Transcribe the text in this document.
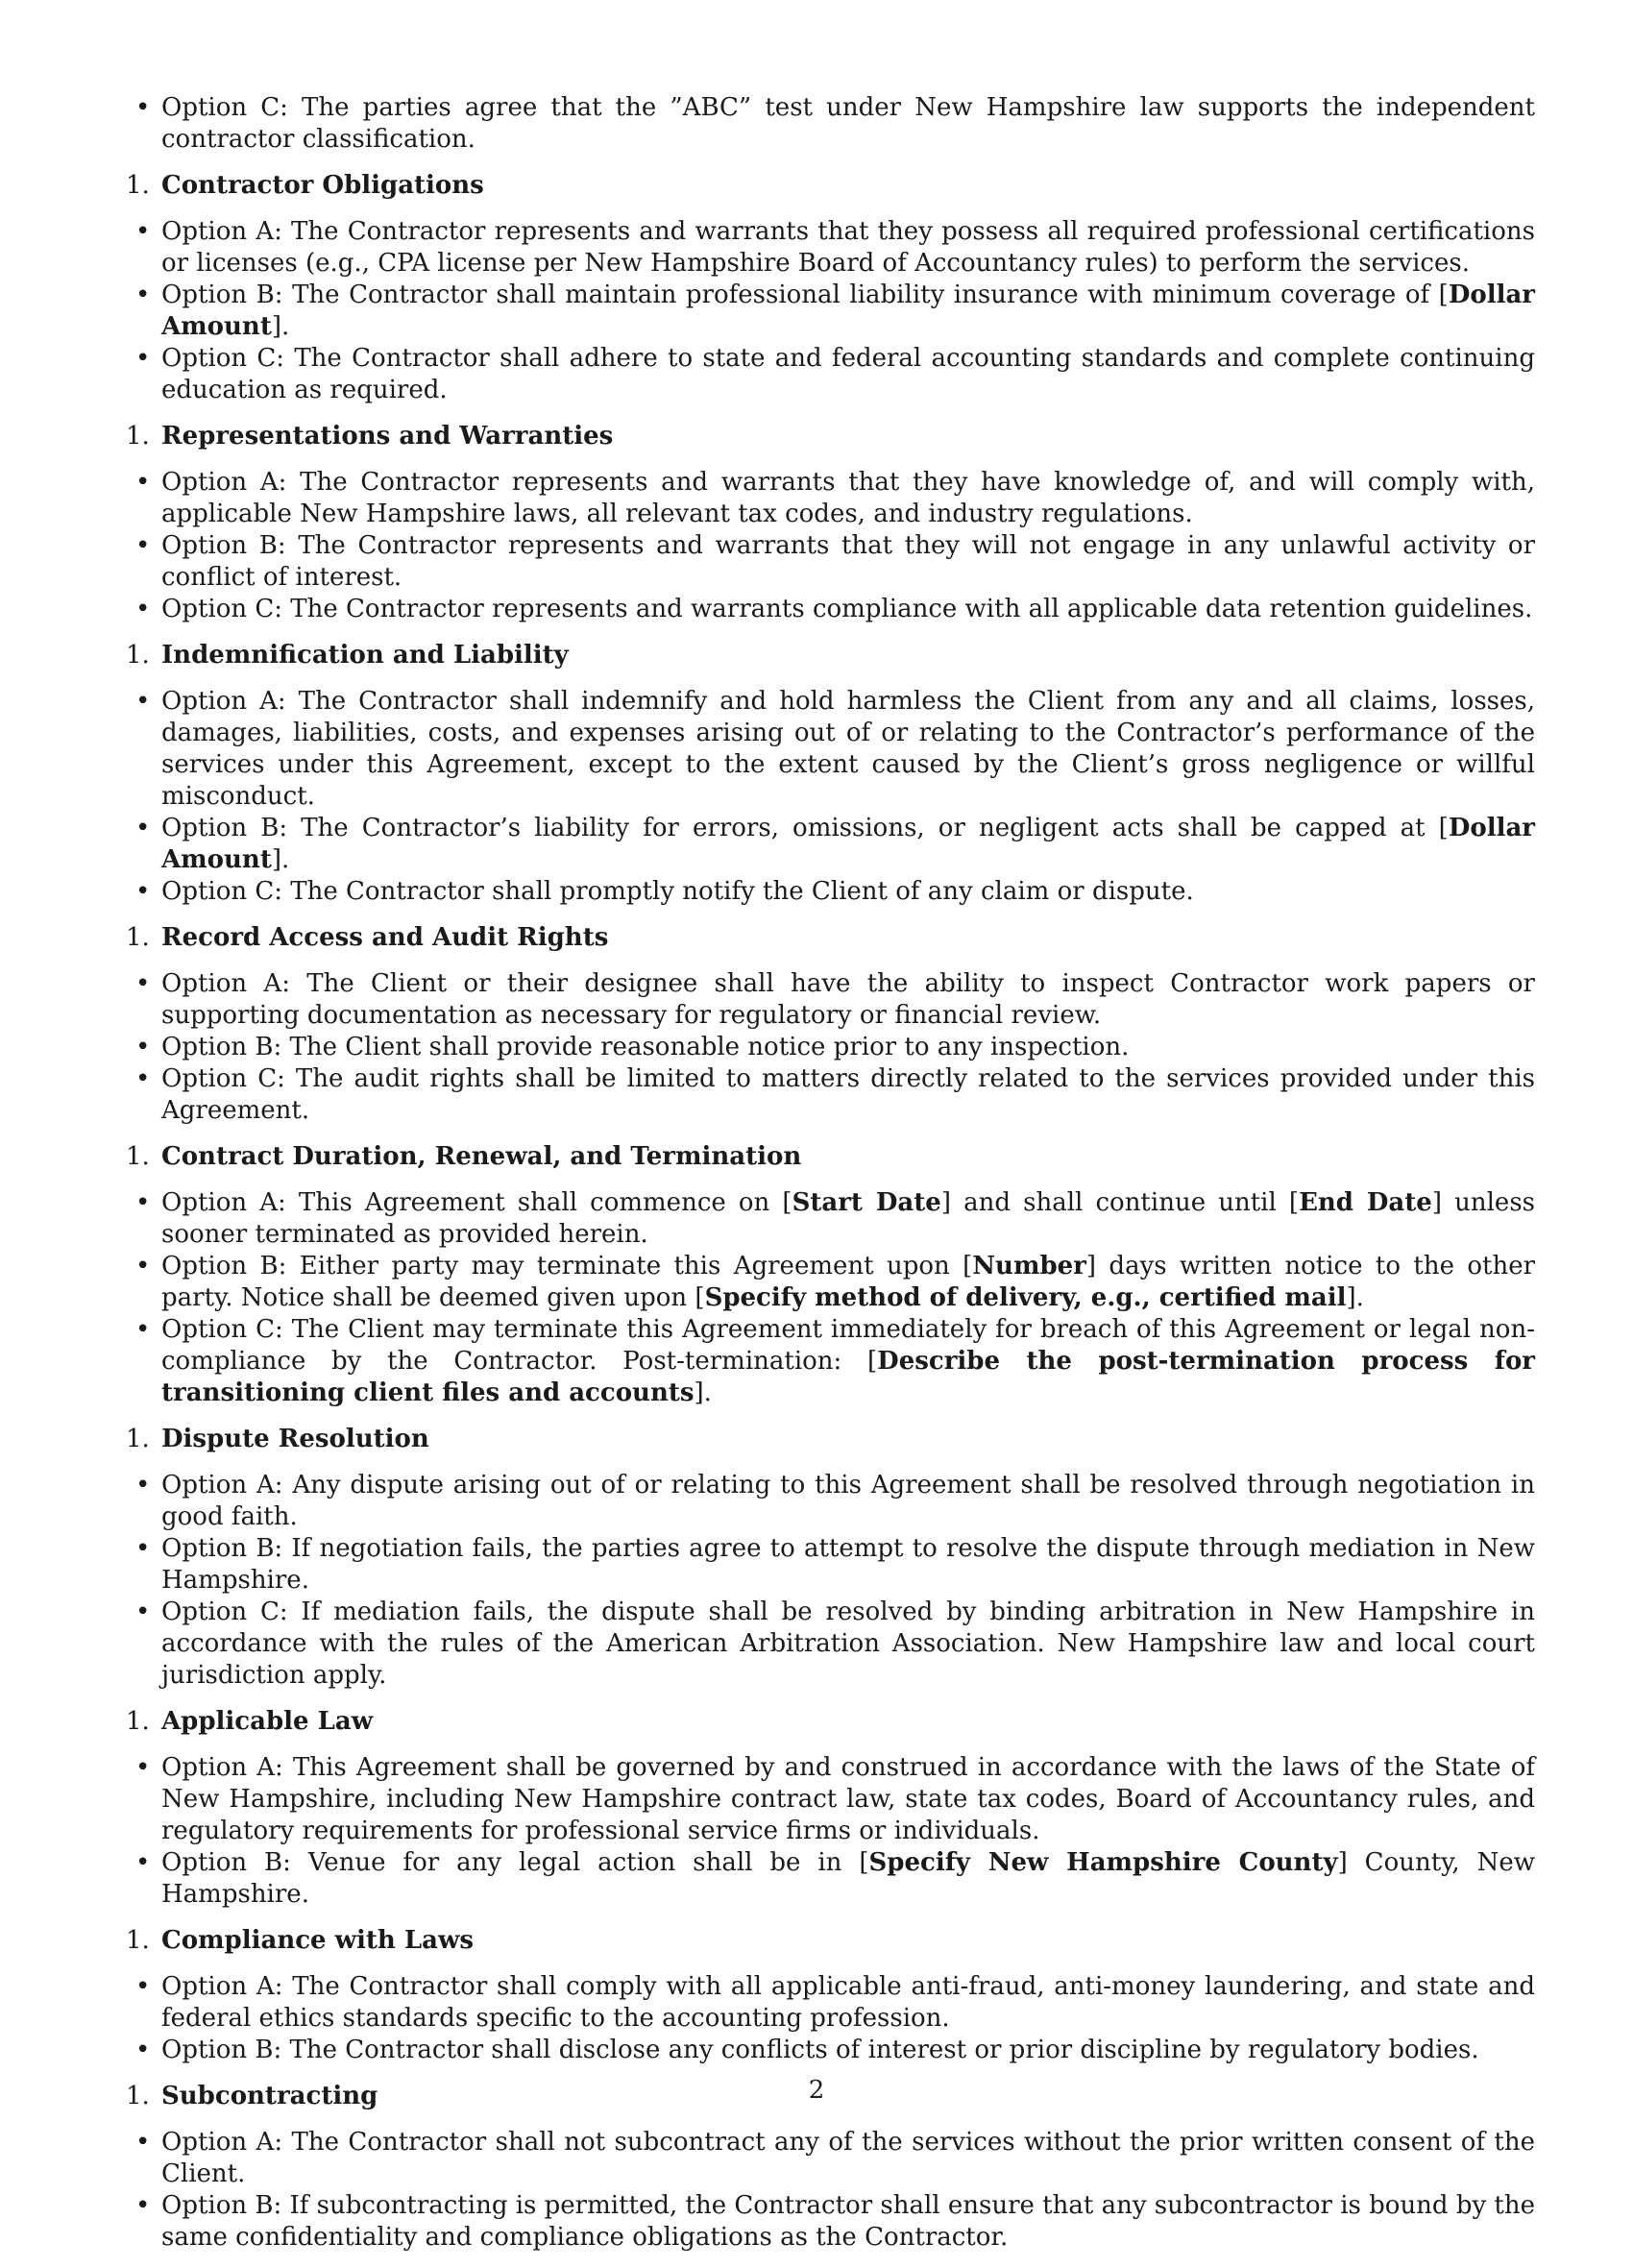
• Option C: The parties agree that the ”ABC” test under New Hampshire law supports the independent contractor classification.
1. Contractor Obligations
• Option A: The Contractor represents and warrants that they possess all required professional certifications or licenses (e.g., CPA license per New Hampshire Board of Accountancy rules) to perform the services.
• Option B: The Contractor shall maintain professional liability insurance with minimum coverage of [Dollar Amount].
• Option C: The Contractor shall adhere to state and federal accounting standards and complete continuing education as required.
1. Representations and Warranties
• Option A: The Contractor represents and warrants that they have knowledge of, and will comply with, applicable New Hampshire laws, all relevant tax codes, and industry regulations.
• Option B: The Contractor represents and warrants that they will not engage in any unlawful activity or conflict of interest.
• Option C: The Contractor represents and warrants compliance with all applicable data retention guidelines.
1. Indemnification and Liability
• Option A: The Contractor shall indemnify and hold harmless the Client from any and all claims, losses, damages, liabilities, costs, and expenses arising out of or relating to the Contractor’s performance of the services under this Agreement, except to the extent caused by the Client’s gross negligence or willful misconduct.
• Option B: The Contractor’s liability for errors, omissions, or negligent acts shall be capped at [Dollar Amount].
• Option C: The Contractor shall promptly notify the Client of any claim or dispute.
1. Record Access and Audit Rights
• Option A: The Client or their designee shall have the ability to inspect Contractor work papers or supporting documentation as necessary for regulatory or financial review.
• Option B: The Client shall provide reasonable notice prior to any inspection.
• Option C: The audit rights shall be limited to matters directly related to the services provided under this Agreement.
1. Contract Duration, Renewal, and Termination
• Option A: This Agreement shall commence on [Start Date] and shall continue until [End Date] unless sooner terminated as provided herein.
• Option B: Either party may terminate this Agreement upon [Number] days written notice to the other party. Notice shall be deemed given upon [Specify method of delivery, e.g., certified mail].
• Option C: The Client may terminate this Agreement immediately for breach of this Agreement or legal non-compliance by the Contractor. Post-termination: [Describe the post-termination process for transitioning client files and accounts].
1. Dispute Resolution
• Option A: Any dispute arising out of or relating to this Agreement shall be resolved through negotiation in good faith.
• Option B: If negotiation fails, the parties agree to attempt to resolve the dispute through mediation in New Hampshire.
• Option C: If mediation fails, the dispute shall be resolved by binding arbitration in New Hampshire in accordance with the rules of the American Arbitration Association. New Hampshire law and local court jurisdiction apply.
1. Applicable Law
• Option A: This Agreement shall be governed by and construed in accordance with the laws of the State of New Hampshire, including New Hampshire contract law, state tax codes, Board of Accountancy rules, and regulatory requirements for professional service firms or individuals.
• Option B: Venue for any legal action shall be in [Specify New Hampshire County] County, New Hampshire.
1. Compliance with Laws
• Option A: The Contractor shall comply with all applicable anti-fraud, anti-money laundering, and state and federal ethics standards specific to the accounting profession.
• Option B: The Contractor shall disclose any conflicts of interest or prior discipline by regulatory bodies.
1. Subcontracting
• Option A: The Contractor shall not subcontract any of the services without the prior written consent of the Client.
• Option B: If subcontracting is permitted, the Contractor shall ensure that any subcontractor is bound by the same confidentiality and compliance obligations as the Contractor.
2
